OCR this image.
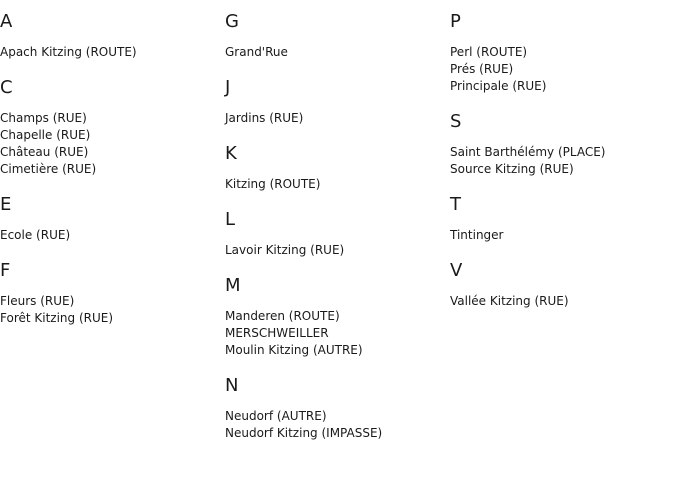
A
Apach Kitzing (ROUTE)
C
Champs (RUE)
Chapelle (RUE)
Château (RUE)
Cimetière (RUE)
E
Ecole (RUE)
F
Fleurs (RUE)
Forêt Kitzing (RUE)
G
Grand'Rue
J
Jardins (RUE)
K
Kitzing (ROUTE)
L
Lavoir Kitzing (RUE)
M
Manderen (ROUTE)
MERSCHWEILLER
Moulin Kitzing (AUTRE)
N
Neudorf (AUTRE)
Neudorf Kitzing (IMPASSE)
P
Perl (ROUTE)
Prés (RUE)
Principale (RUE)
S
Saint Barthélémy (PLACE)
Source Kitzing (RUE)
T
Tintinger
V
Vallée Kitzing (RUE)
